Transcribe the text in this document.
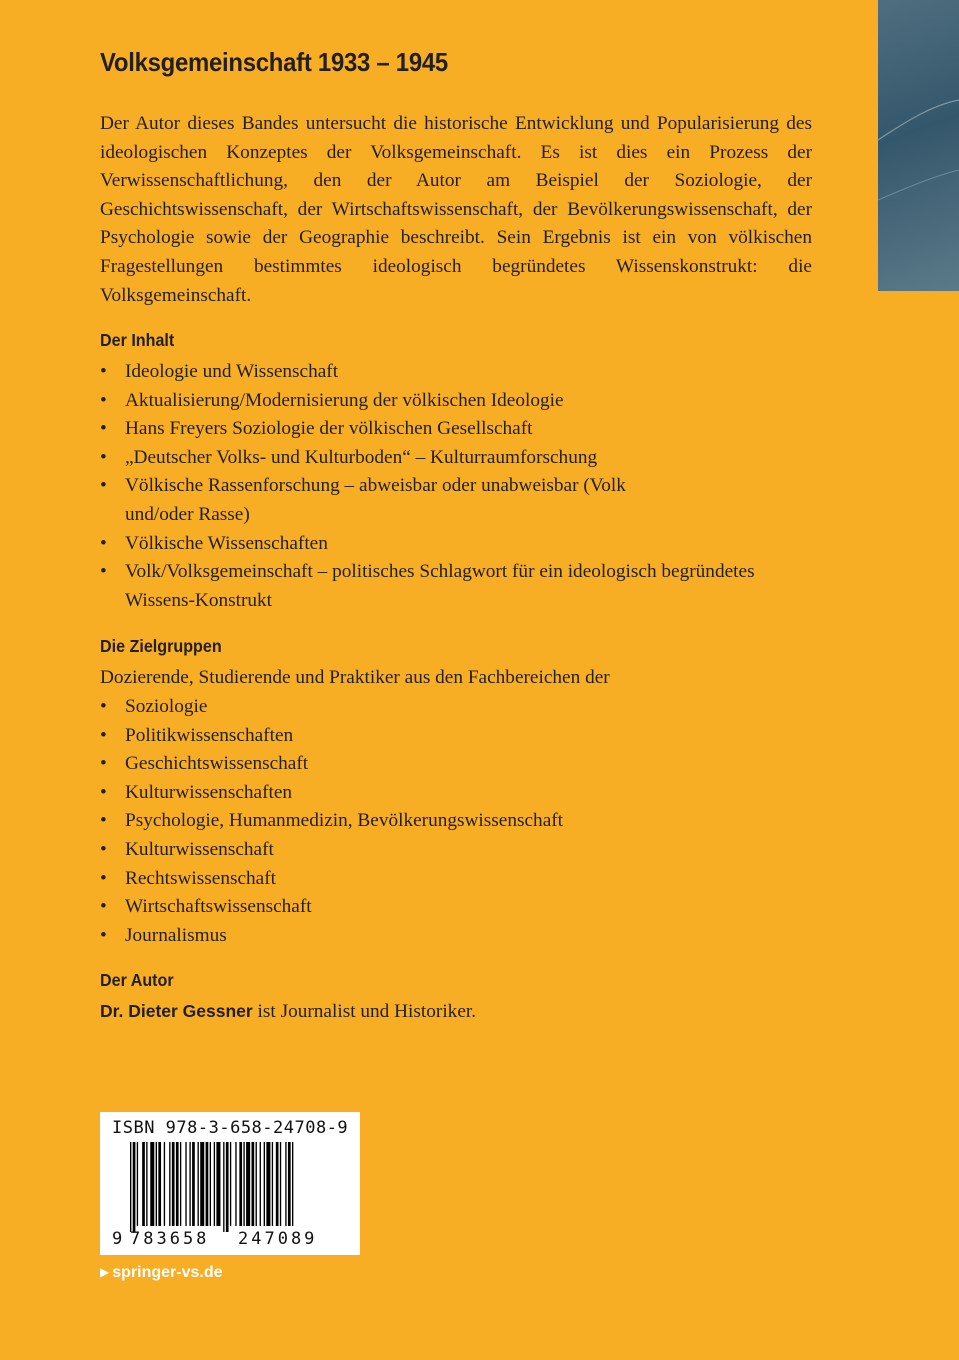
Volksgemeinschaft 1933 – 1945

Der Autor dieses Bandes untersucht die historische Entwicklung und Popularisierung des ideologischen Konzeptes der Volksgemeinschaft. Es ist dies ein Prozess der Verwissenschaftlichung, den der Autor am Beispiel der Soziologie, der Geschichtswissenschaft, der Wirtschaftswissenschaft, der Bevölkerungswissenschaft, der Psychologie sowie der Geographie beschreibt. Sein Ergebnis ist ein von völkischen Fragestellungen bestimmtes ideologisch begründetes Wissenskonstrukt: die Volksgemeinschaft.

Der Inhalt
• Ideologie und Wissenschaft
• Aktualisierung/Modernisierung der völkischen Ideologie
• Hans Freyers Soziologie der völkischen Gesellschaft
• „Deutscher Volks- und Kulturboden“ – Kulturraumforschung
• Völkische Rassenforschung – abweisbar oder unabweisbar (Volk und/oder Rasse)
• Völkische Wissenschaften
• Volk/Volksgemeinschaft – politisches Schlagwort für ein ideologisch begründetes Wissens-Konstrukt
Die Zielgruppen

Dozierende, Studierende und Praktiker aus den Fachbereichen der

• Soziologie
• Politikwissenschaften
• Geschichtswissenschaft
• Kulturwissenschaften
• Psychologie, Humanmedizin, Bevölkerungswissenschaft
• Kulturwissenschaft
• Rechtswissenschaft
• Wirtschaftswissenschaft
• Journalismus
Der Autor

Dr. Dieter Gessner ist Journalist und Historiker.

ISBN 978-3-658-24708-9
9 783658 247089
▶ springer-vs.de
